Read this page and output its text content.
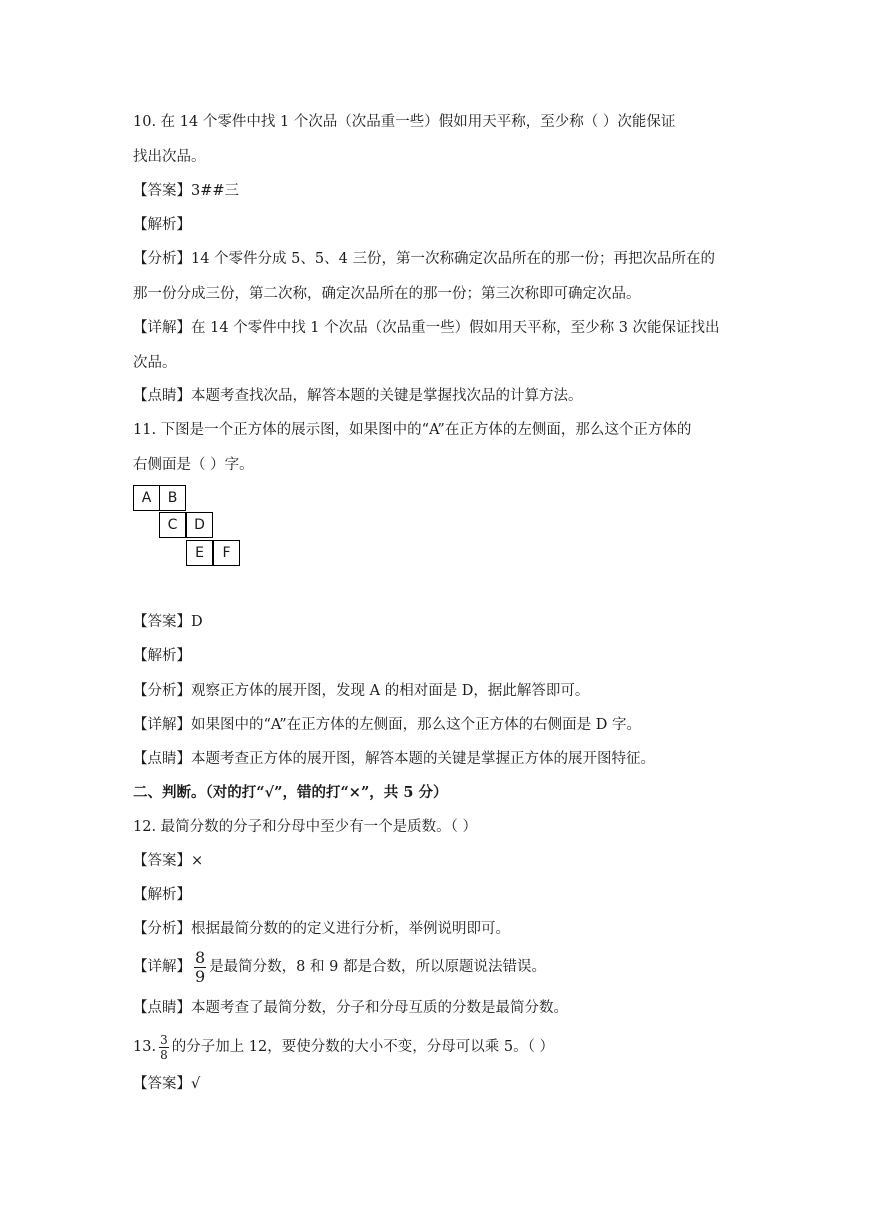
10. 在 14 个零件中找 1 个次品（次品重一些）假如用天平称，至少称（ ）次能保证
找出次品。
【答案】3##三
【解析】
【分析】14 个零件分成 5、5、4 三份，第一次称确定次品所在的那一份；再把次品所在的
那一份分成三份，第二次称，确定次品所在的那一份；第三次称即可确定次品。
【详解】在 14 个零件中找 1 个次品（次品重一些）假如用天平称，至少称 3 次能保证找出
次品。
【点睛】本题考查找次品，解答本题的关键是掌握找次品的计算方法。
11. 下图是一个正方体的展示图，如果图中的“A”在正方体的左侧面，那么这个正方体的
右侧面是（ ）字。
A	B
C	D
E	F
【答案】D
【解析】
【分析】观察正方体的展开图，发现 A 的相对面是 D，据此解答即可。
【详解】如果图中的“A”在正方体的左侧面，那么这个正方体的右侧面是 D 字。
【点睛】本题考查正方体的展开图，解答本题的关键是掌握正方体的展开图特征。
二、判断。（对的打“√”，错的打“×”，共 5 分）
12. 最简分数的分子和分母中至少有一个是质数。（ ）
【答案】×
【解析】
【分析】根据最简分数的的定义进行分析，举例说明即可。
【详解】 $\frac{8}{9}$ 是最简分数，8 和 9 都是合数，所以原题说法错误。
【点睛】本题考查了最简分数，分子和分母互质的分数是最简分数。
13. $\frac{3}{8}$ 的分子加上 12，要使分数的大小不变，分母可以乘 5。（ ）
【答案】√
